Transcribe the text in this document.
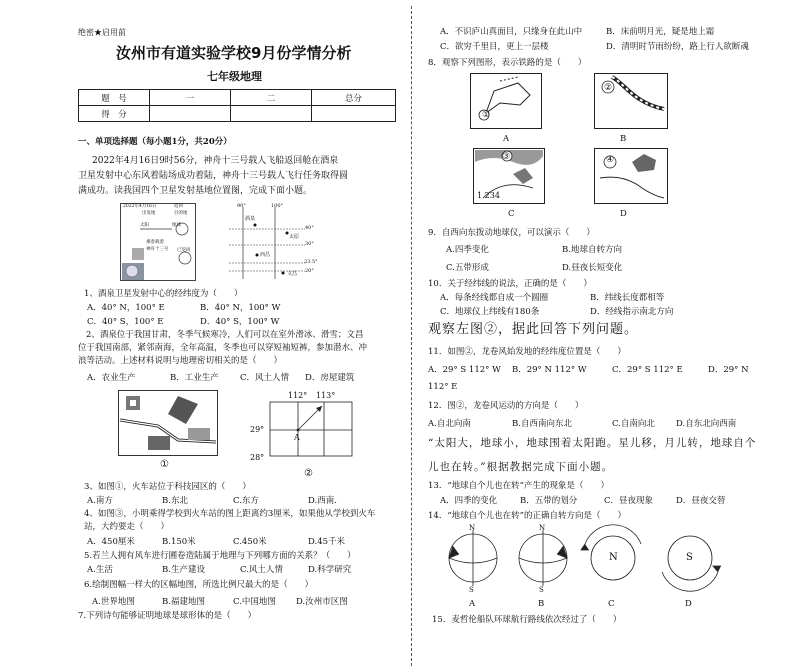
绝密★启用前
汝州市有道实验学校9月份学情分析
七年级地理
题　号	一	二	总分
得　分			
一、单项选择题（每小题1分，共20分）
2022年4月16日9时56分，神舟十三号载人飞船返回舱在酒泉
卫星发射中心东风着陆场成功着陆，神舟十三号载人飞行任务取得圆
满成功。读我国四个卫星发射基地位置图，完成下面小题。
2022年4月16日	返回
出发地	目的地
太阳	地球
乘着载着
神舟十三号 已返回
90°	100°
酒泉
太原
西昌
文昌
40°
30°
23.5°
20°
1、酒泉卫星发射中心的经纬度为（　　）
A．40° N，100° E	B．40° N，100° W
C．40° S，100° E	D．40° S，100° W
2、酒泉位于我国甘肃，冬季气候寒冷，人们可以在室外滑冰、滑雪；文昌
位于我国南部，紧邻南海，全年高温，冬季也可以穿短袖短裤，参加潜水、冲
浪等活动。上述材料说明与地理密切相关的是（　　）
A．农业生产	B．工业生产	C．风土人情 D．房屋建筑
①
112° 113°
29°
28°
A
②
3、如图①，火车站位于科技园区的（　　）
A.南方	B.东北	C.东方	D.西南.
4、如图③，小明乘得学校到火车站的图上距离约3厘米，如果他从学校到火车
站，大约要走（　　）
A．450厘米	B.150米	C.450米	D.45千米
5.若兰人拥有风车进行圃卷造陆属于地理与下列哪方面的关系？（　　）
A.生活	B.生产建设	C.风土人情	D.科学研究
6.绘制图幅一样大的区幅地图，所选比例尺最大的是（　　）
A.世界地图	B.福建地图	C.中国地图 D.汝州市区图
7.下列诗句能够证明地球是球形体的是（　　）
A．不识庐山真面目，只缘身在此山中	B．床前明月光，疑是地上霜
C．欲穷千里目，更上一层楼	D．清明时节雨纷纷，路上行人欲断魂
8．观察下列图形，表示铁路的是（　　）
①
A
②
B
③
1 234
C
④
D
9．自西向东拨动地球仪，可以演示（　　）
A.四季变化	B.地球自转方向
C.五带形成	D.昼夜长短变化
10．关于经纬线的说法，正确的是（　　）
A．每条经线都自成一个圆圈	B．纬线长度都相等
C．地球仪上纬线有180条	D．经线指示南北方向
观察左图②，据此回答下列问题。
11．如图②，龙卷风始发地的经纬度位置是（　　）
A．29° S 112° W B．29° N 112° W	C．29° S 112° E	D．29° N
112° E
12．图②，龙卷风运动的方向是（　　）
A.自北向南	B.自西南向东北	C.自南向北 D.自东北向西南
“太阳大，地球小，地球围着太阳跑。星儿移，月儿转，地球自个
儿也在转。”根据教据完成下面小题。
13．“地球自个儿也在转”产生的现象是（　　）
A．四季的变化	B．五带的划分	C．昼夜现象	D．昼夜交替
14．“地球自个儿也在转”的正确自转方向是（　　）
N
S
N
S
N	S
A	B	C	D
15．麦哲伦船队环球航行路线依次经过了（　　）
